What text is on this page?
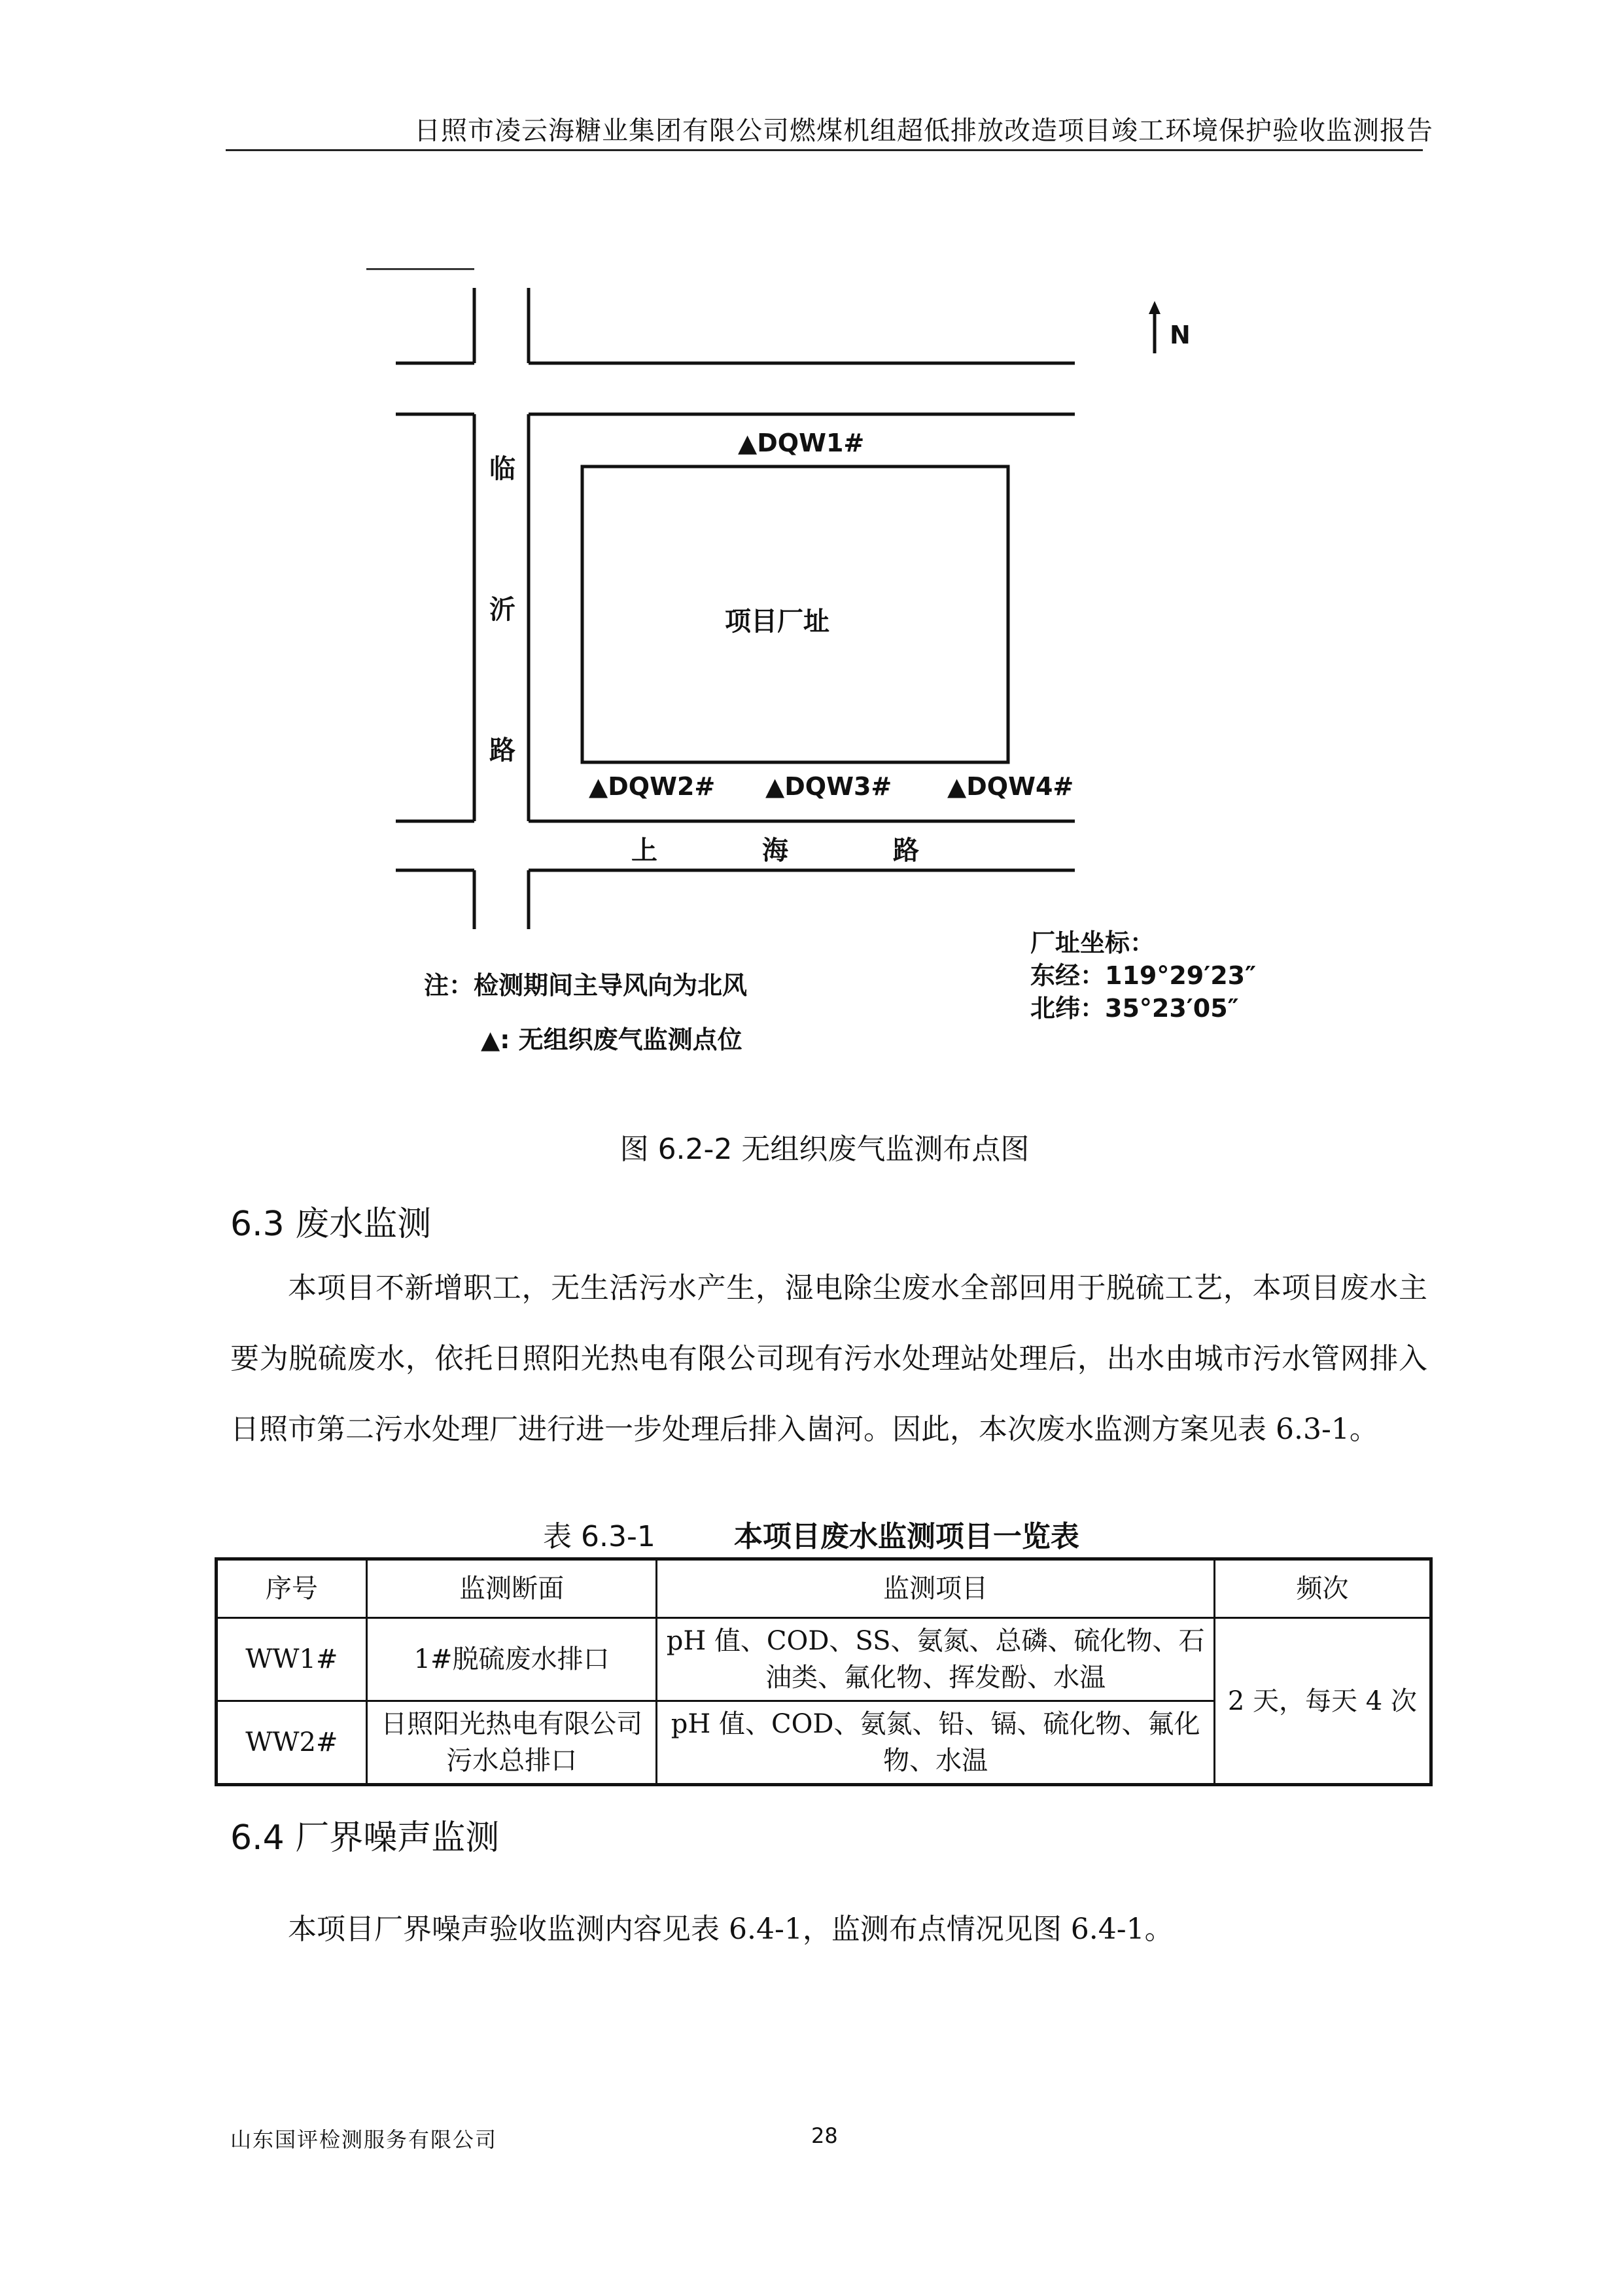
日照市凌云海糖业集团有限公司燃煤机组超低排放改造项目竣工环境保护验收监测报告
N
临
沂
路
上	海	路
项目厂址
▲DQW1#
▲DQW2# ▲DQW3# ▲DQW4#
厂址坐标：
东经：119°29′23″
北纬：35°23′05″
注：检测期间主导风向为北风
▲: 无组织废气监测点位
图 6.2-2 无组织废气监测布点图
6.3 废水监测
本项目不新增职工，无生活污水产生，湿电除尘废水全部回用于脱硫工艺，本项目废水主要为脱硫废水，依托日照阳光热电有限公司现有污水处理站处理后，出水由城市污水管网排入日照市第二污水处理厂进行进一步处理后排入崮河。因此，本次废水监测方案见表 6.3-1。
表 6.3-1	本项目废水监测项目一览表
序号	监测断面	监测项目	频次
WW1#	1#脱硫废水排口	pH 值、COD、SS、氨氮、总磷、硫化物、石油类、氟化物、挥发酚、水温	2 天，每天 4 次
WW2#	日照阳光热电有限公司污水总排口	pH 值、COD、氨氮、铅、镉、硫化物、氟化物、水温	
6.4 厂界噪声监测
本项目厂界噪声验收监测内容见表 6.4-1，监测布点情况见图 6.4-1。
山东国评检测服务有限公司	28
